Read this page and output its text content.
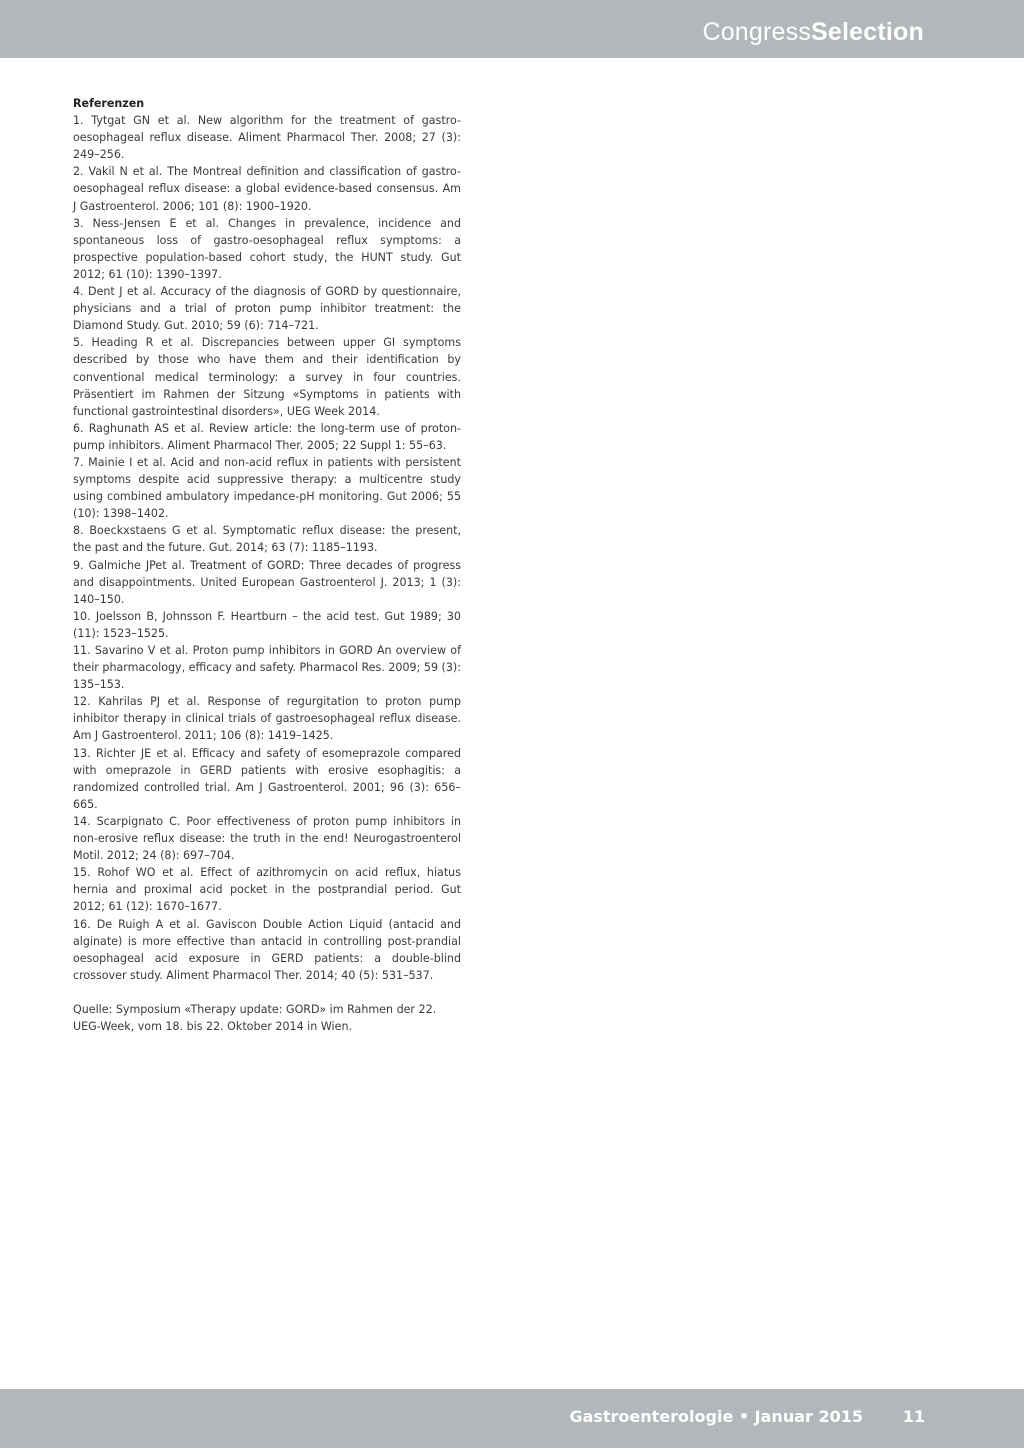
CongressSelection

Referenzen

1. Tytgat GN et al. New algorithm for the treatment of gastro-oesophageal reflux disease. Aliment Pharmacol Ther. 2008; 27 (3): 249–256.

2. Vakil N et al. The Montreal definition and classification of gastro-oesophageal reflux disease: a global evidence-based consensus. Am J Gastroenterol. 2006; 101 (8): 1900–1920.

3. Ness-Jensen E et al. Changes in prevalence, incidence and spontaneous loss of gastro-oesophageal reflux symptoms: a prospective population-based cohort study, the HUNT study. Gut 2012; 61 (10): 1390–1397.

4. Dent J et al. Accuracy of the diagnosis of GORD by questionnaire, physicians and a trial of proton pump inhibitor treatment: the Diamond Study. Gut. 2010; 59 (6): 714–721.

5. Heading R et al. Discrepancies between upper GI symptoms described by those who have them and their identification by conventional medical terminology: a survey in four countries. Präsentiert im Rahmen der Sitzung «Symptoms in patients with functional gastrointestinal disorders», UEG Week 2014.

6. Raghunath AS et al. Review article: the long-term use of proton-pump inhibitors. Aliment Pharmacol Ther. 2005; 22 Suppl 1: 55–63.

7. Mainie I et al. Acid and non-acid reflux in patients with persistent symptoms despite acid suppressive therapy: a multicentre study using combined ambulatory impedance-pH monitoring. Gut 2006; 55 (10): 1398–1402.

8. Boeckxstaens G et al. Symptomatic reflux disease: the present, the past and the future. Gut. 2014; 63 (7): 1185–1193.

9. Galmiche JPet al. Treatment of GORD: Three decades of progress and disappointments. United European Gastroenterol J. 2013; 1 (3): 140–150.

10. Joelsson B, Johnsson F. Heartburn – the acid test. Gut 1989; 30 (11): 1523–1525.

11. Savarino V et al. Proton pump inhibitors in GORD An overview of their pharmacology, efficacy and safety. Pharmacol Res. 2009; 59 (3): 135–153.

12. Kahrilas PJ et al. Response of regurgitation to proton pump inhibitor therapy in clinical trials of gastroesophageal reflux disease. Am J Gastroenterol. 2011; 106 (8): 1419–1425.

13. Richter JE et al. Efficacy and safety of esomeprazole compared with omeprazole in GERD patients with erosive esophagitis: a randomized controlled trial. Am J Gastroenterol. 2001; 96 (3): 656–665.

14. Scarpignato C. Poor effectiveness of proton pump inhibitors in non-erosive reflux disease: the truth in the end! Neurogastroenterol Motil. 2012; 24 (8): 697–704.

15. Rohof WO et al. Effect of azithromycin on acid reflux, hiatus hernia and proximal acid pocket in the postprandial period. Gut 2012; 61 (12): 1670–1677.

16. De Ruigh A et al. Gaviscon Double Action Liquid (antacid and alginate) is more effective than antacid in controlling post-prandial oesophageal acid exposure in GERD patients: a double-blind crossover study. Aliment Pharmacol Ther. 2014; 40 (5): 531–537.

Quelle: Symposium «Therapy update: GORD» im Rahmen der 22. UEG-Week, vom 18. bis 22. Oktober 2014 in Wien.

Gastroenterologie • Januar 2015 11
